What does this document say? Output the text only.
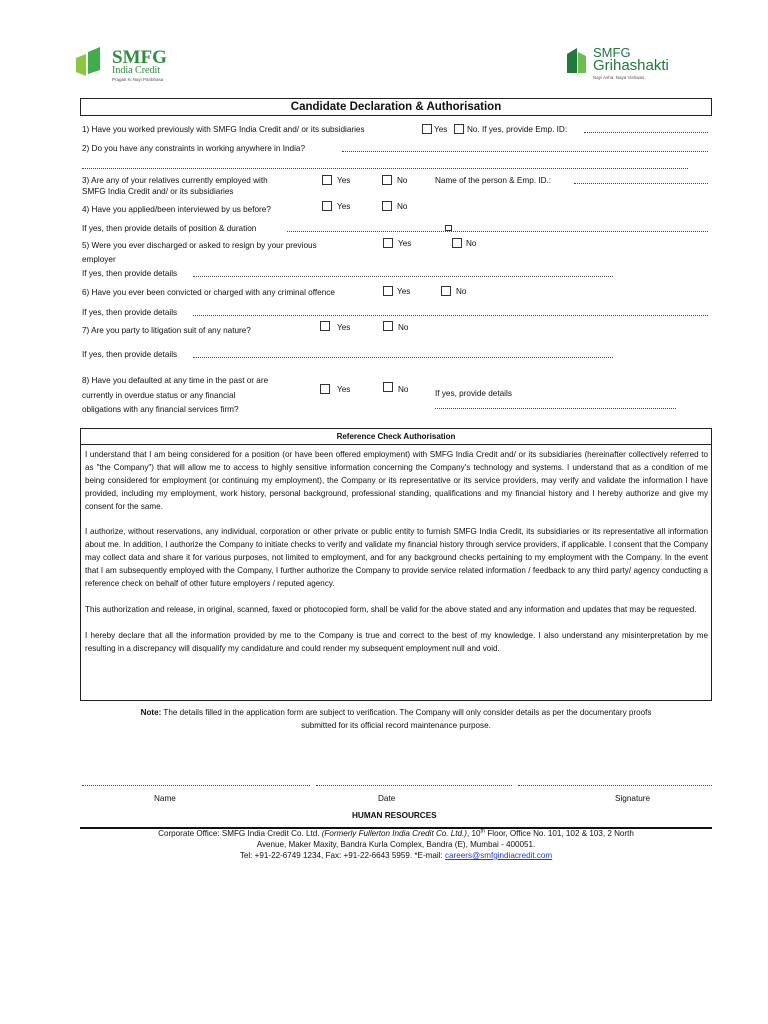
SMFG
India Credit
Pragati Ki Nayi Paribhasa
SMFG
Grihashakti
Nayi Asha. Naya Vishwas.
Candidate Declaration & Authorisation
1) Have you worked previously with SMFG India Credit and/ or its subsidiaries	Yes No. If yes, provide Emp. ID:
2) Do you have any constraints in working anywhere in India?
3) Are any of your relatives currently employed with
SMFG India Credit and/ or its subsidiaries
Yes	No	Name of the person & Emp. ID.:
4) Have you applied/been interviewed by us before?	Yes	No
If yes, then provide details of position & duration
5) Were you ever discharged or asked to resign by your previous
employer
Yes	No
If yes, then provide details
6) Have you ever been convicted or charged with any criminal offence	Yes	No
If yes, then provide details
7) Are you party to litigation suit of any nature?	Yes	No
If yes, then provide details
8) Have you defaulted at any time in the past or are
currently in overdue status or any financial
obligations with any financial services firm?
Yes	No	If yes, provide details
Reference Check Authorisation

I understand that I am being considered for a position (or have been offered employment) with SMFG India Credit and/ or its subsidiaries (hereinafter collectively referred to as "the Company") that will allow me to access to highly sensitive information concerning the Company's technology and systems. I understand that as a condition of me being considered for employment (or continuing my employment), the Company or its representative or its service providers, may verify and validate the information I have provided, including my employment, work history, personal background, professional standing, qualifications and my financial history and I hereby authorize and give my consent for the same.

I authorize, without reservations, any individual, corporation or other private or public entity to furnish SMFG India Credit, its subsidiaries or its representative all information about me. In addition, I authorize the Company to initiate checks to verify and validate my financial history through service providers, if applicable. I consent that the Company may collect data and share it for various purposes, not limited to employment, and for any background checks pertaining to my employment with the Company. In the event that I am subsequently employed with the Company, I further authorize the Company to provide service related information / feedback to any third party/ agency conducting a reference check on behalf of other future employers / reputed agency.

This authorization and release, in original, scanned, faxed or photocopied form, shall be valid for the above stated and any information and updates that may be requested.

I hereby declare that all the information provided by me to the Company is true and correct to the best of my knowledge. I also understand any misinterpretation by me resulting in a discrepancy will disqualify my candidature and could render my subsequent employment null and void.

Note: The details filled in the application form are subject to verification. The Company will only consider details as per the documentary proofs
submitted for its official record maintenance purpose.
Name	Date	Signature
HUMAN RESOURCES
Corporate Office: SMFG India Credit Co. Ltd. (Formerly Fullerton India Credit Co. Ltd.), 10th Floor, Office No. 101, 102 & 103, 2 North
Avenue, Maker Maxity, Bandra Kurla Complex, Bandra (E), Mumbai - 400051.
Tel: +91-22-6749 1234, Fax: +91-22-6643 5959. *E-mail: careers@smfgindiacredit.com
